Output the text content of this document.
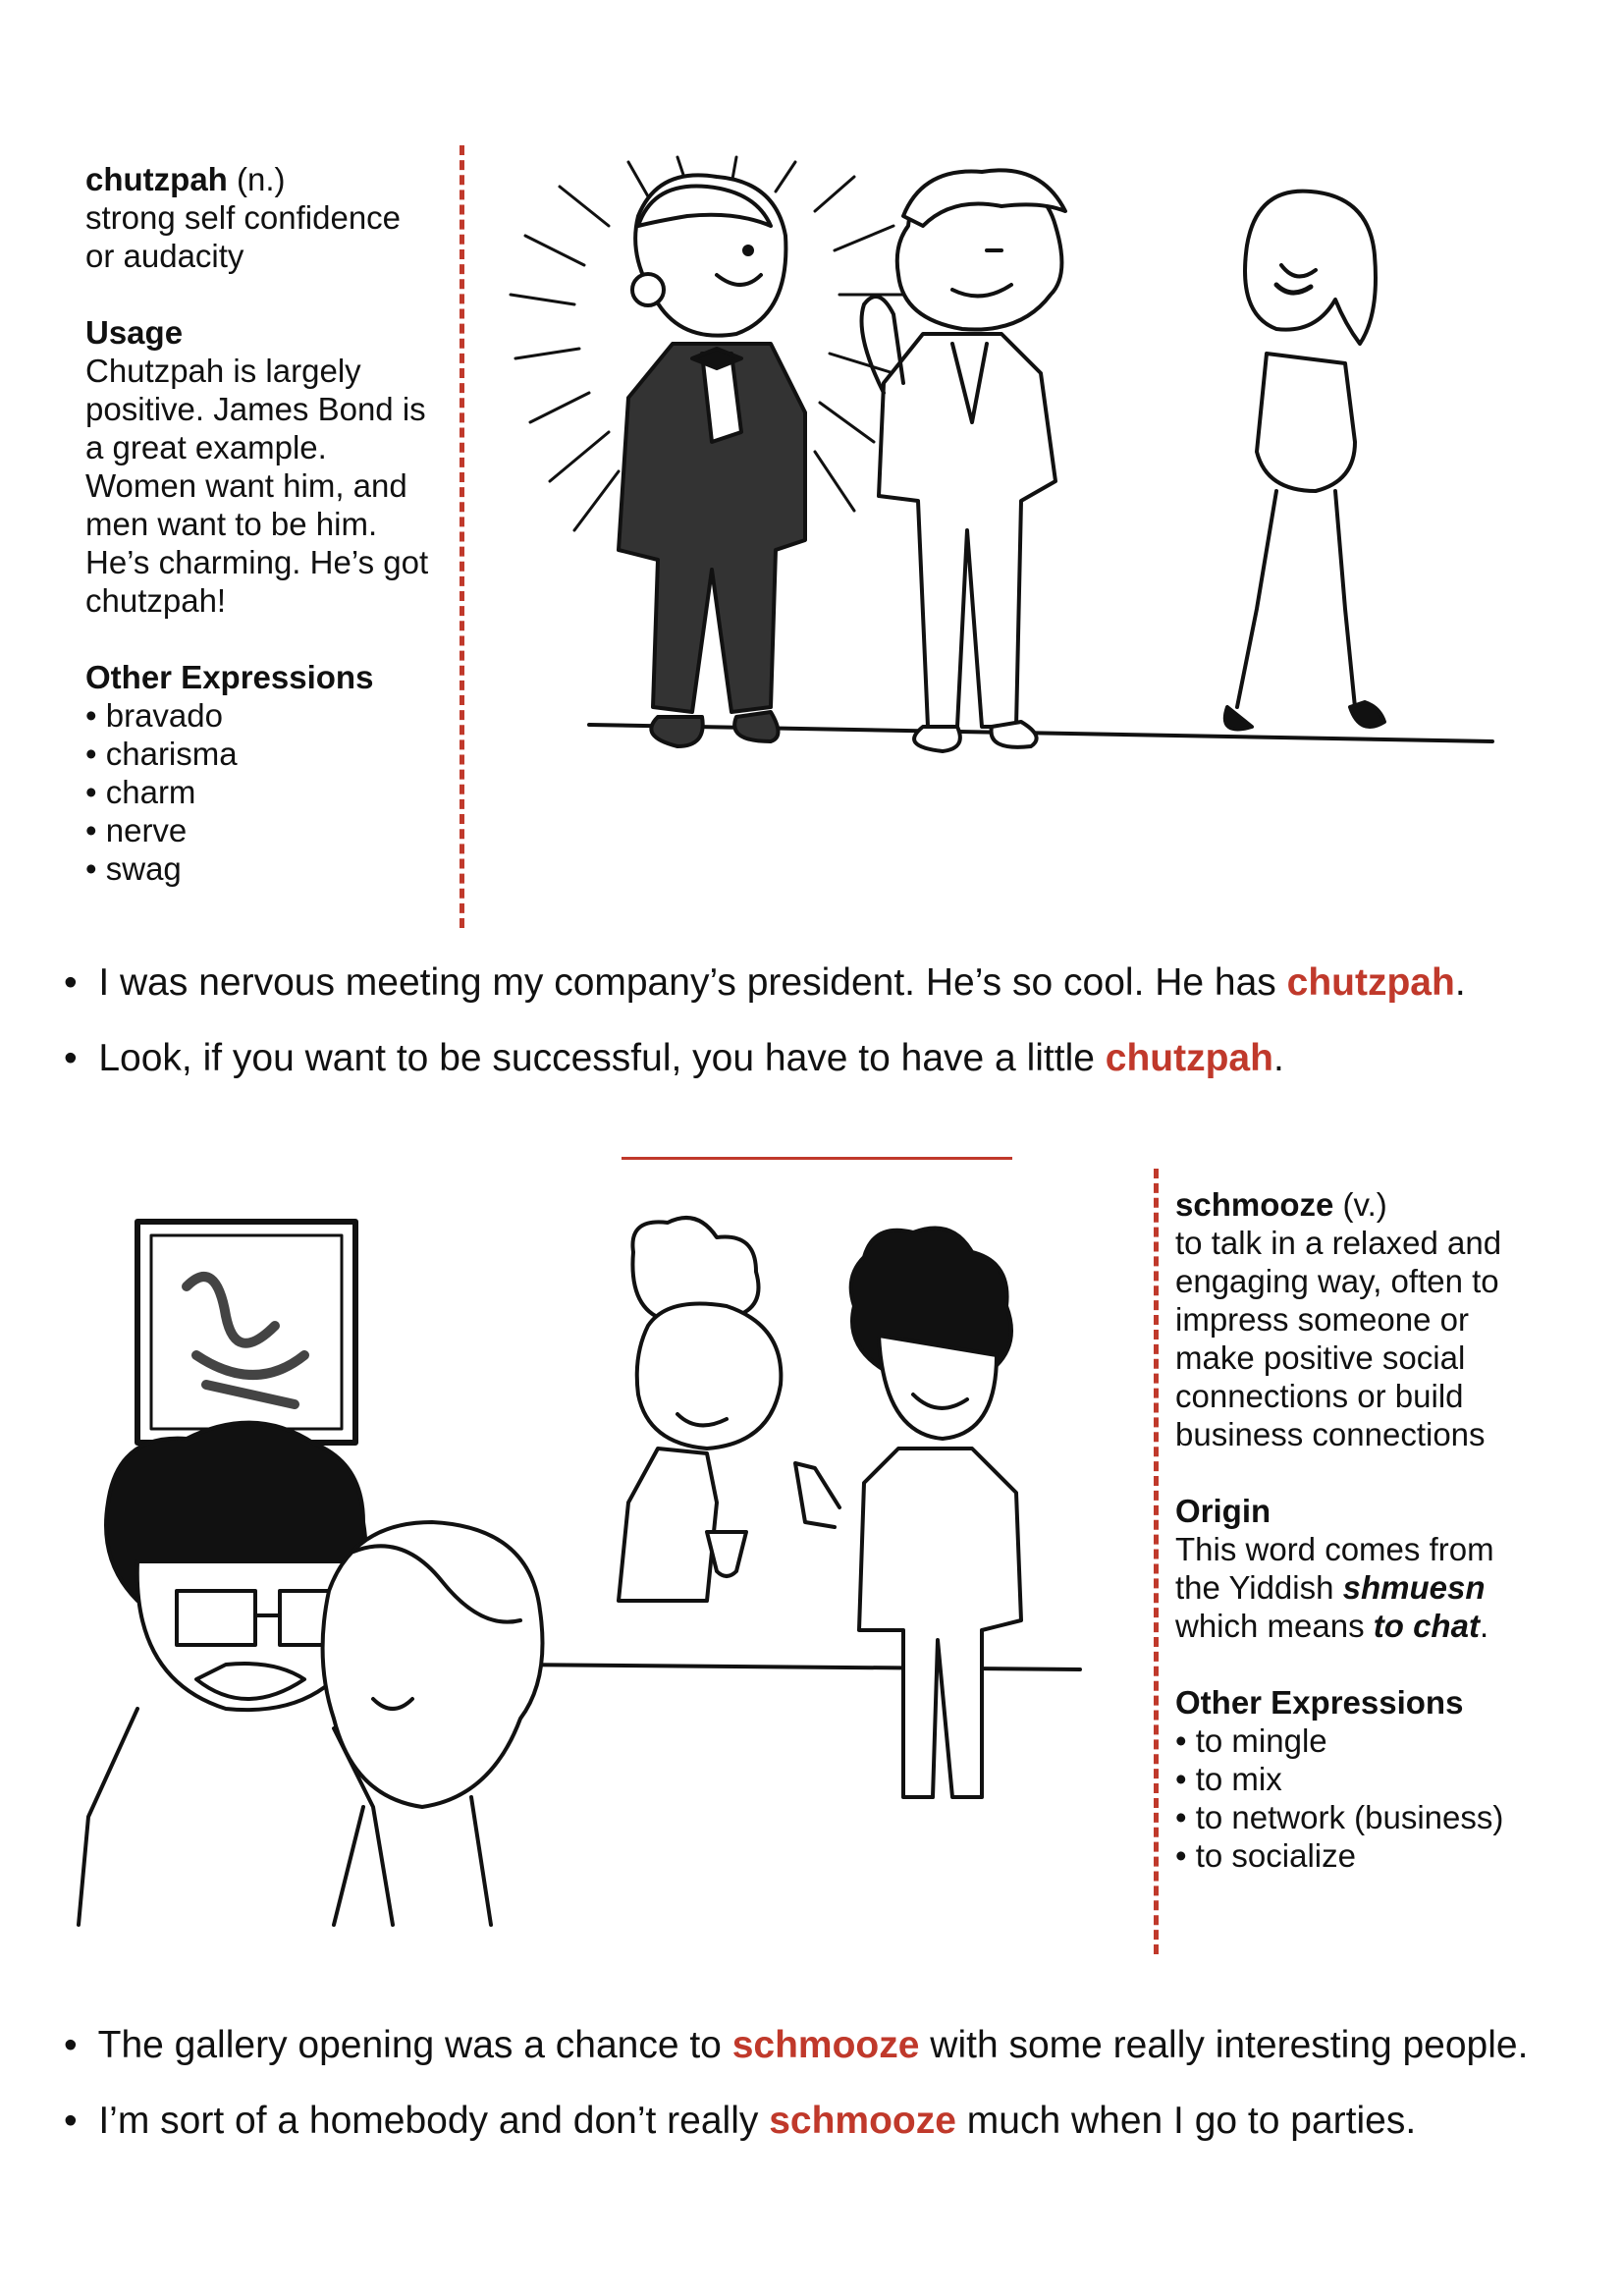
chutzpah (n.)

strong self confidence

or audacity

Usage

Chutzpah is largely

positive. James Bond is

a great example.

Women want him, and

men want to be him.

He’s charming. He’s got

chutzpah!

Other Expressions

• bravado
• charisma
• charm
• nerve
• swag
• I was nervous meeting my company’s president. He’s so cool. He has chutzpah.
• Look, if you want to be successful, you have to have a little chutzpah.

schmooze (v.)

to talk in a relaxed and

engaging way, often to

impress someone or

make positive social

connections or build

business connections

Origin

This word comes from

the Yiddish shmuesn

which means to chat.

Other Expressions

• to mingle
• to mix
• to network (business)
• to socialize
• The gallery opening was a chance to schmooze with some really interesting people.
• I’m sort of a homebody and don’t really schmooze much when I go to parties.
